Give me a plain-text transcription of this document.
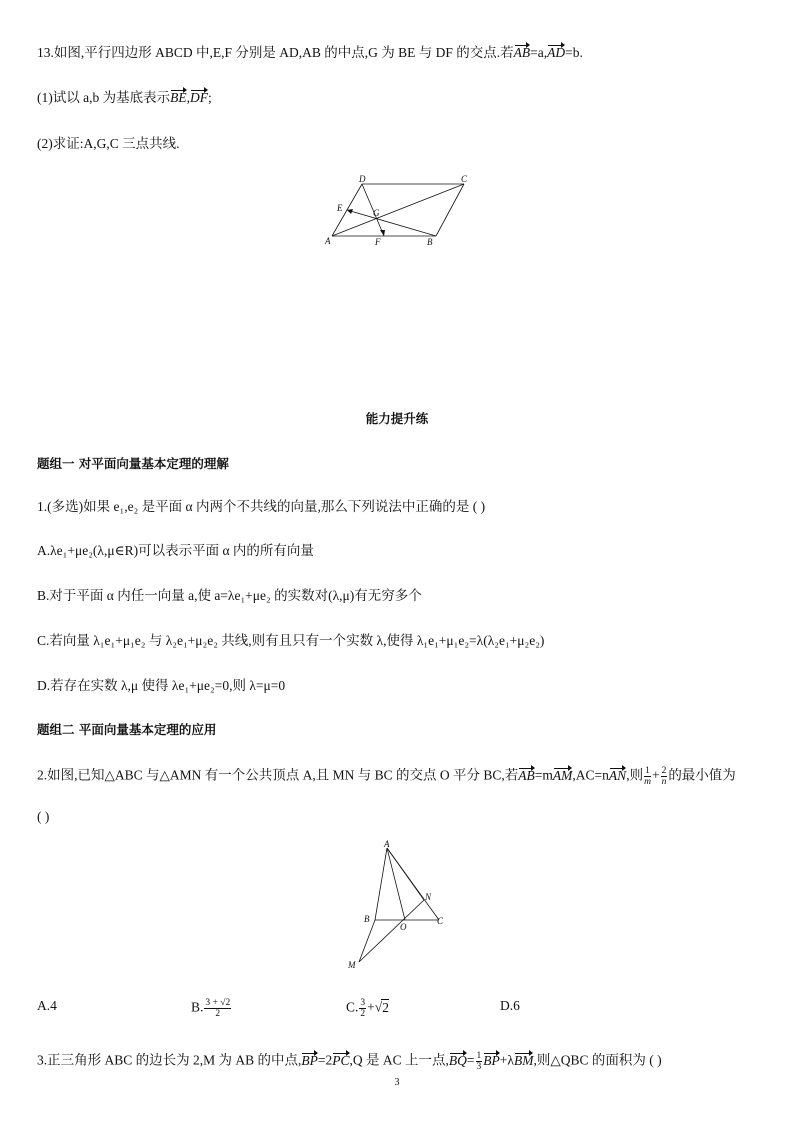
13.如图,平行四边形 ABCD 中,E,F 分别是 AD,AB 的中点,G 为 BE 与 DF 的交点.若AB=a,AD=b.
(1)试以 a,b 为基底表示BE,DF;
(2)求证:A,G,C 三点共线.
D	C
E	G
A	F	B
能力提升练
题组一 对平面向量基本定理的理解
1.(多选)如果 e₁,e₂ 是平面 α 内两个不共线的向量,那么下列说法中正确的是 ( )
A.λe₁+μe₂(λ,μ∈R)可以表示平面 α 内的所有向量
B.对于平面 α 内任一向量 a,使 a=λe₁+μe₂ 的实数对(λ,μ)有无穷多个
C.若向量 λ₁e₁+μ₁e₂ 与 λ₂e₁+μ₂e₂ 共线,则有且只有一个实数 λ,使得 λ₁e₁+μ₁e₂=λ(λ₂e₁+μ₂e₂)
D.若存在实数 λ,μ 使得 λe₁+μe₂=0,则 λ=μ=0
题组二 平面向量基本定理的应用
2.如图,已知△ABC 与△AMN 有一个公共顶点 A,且 MN 与 BC 的交点 O 平分 BC,若AB=mAM,AC=nAN,则 $\frac{1}{m} + \frac{2}{n}$ 的最小值为
( )
A
N
B
O
C
M
A.4	B. $\frac{3 + √2}{2}$	C. $\frac{3}{2} +√2$	D.6
3.正三角形 ABC 的边长为 2,M 为 AB 的中点,BP=2PC,Q 是 AC 上一点$,BQ= \frac{1}{3} BP+\lambda BM$,则△QBC 的面积为 ( )
3
